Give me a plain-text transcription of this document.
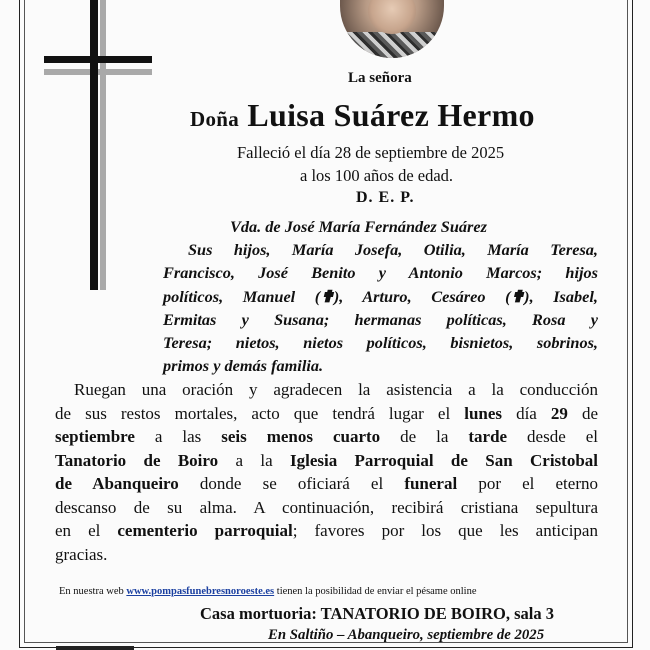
La señora
Doña Luisa Suárez Hermo
Falleció el día 28 de septiembre de 2025
a los 100 años de edad.
D. E. P.
Vda. de José María Fernández Suárez
Sus hijos, María Josefa, Otilia, María Teresa,
Francisco, José Benito y Antonio Marcos; hijos
políticos, Manuel (✟), Arturo, Cesáreo (✟), Isabel,
Ermitas y Susana; hermanas políticas, Rosa y
Teresa; nietos, nietos políticos, bisnietos, sobrinos,
primos y demás familia.
Ruegan una oración y agradecen la asistencia a la conducción
de sus restos mortales, acto que tendrá lugar el lunes día 29 de
septiembre a las seis menos cuarto de la tarde desde el
Tanatorio de Boiro a la Iglesia Parroquial de San Cristobal
de Abanqueiro donde se oficiará el funeral por el eterno
descanso de su alma. A continuación, recibirá cristiana sepultura
en el cementerio parroquial; favores por los que les anticipan
gracias.
En nuestra web www.pompasfunebresnoroeste.es tienen la posibilidad de enviar el pésame online
Casa mortuoria: TANATORIO DE BOIRO, sala 3
En Saltiño – Abanqueiro, septiembre de 2025
